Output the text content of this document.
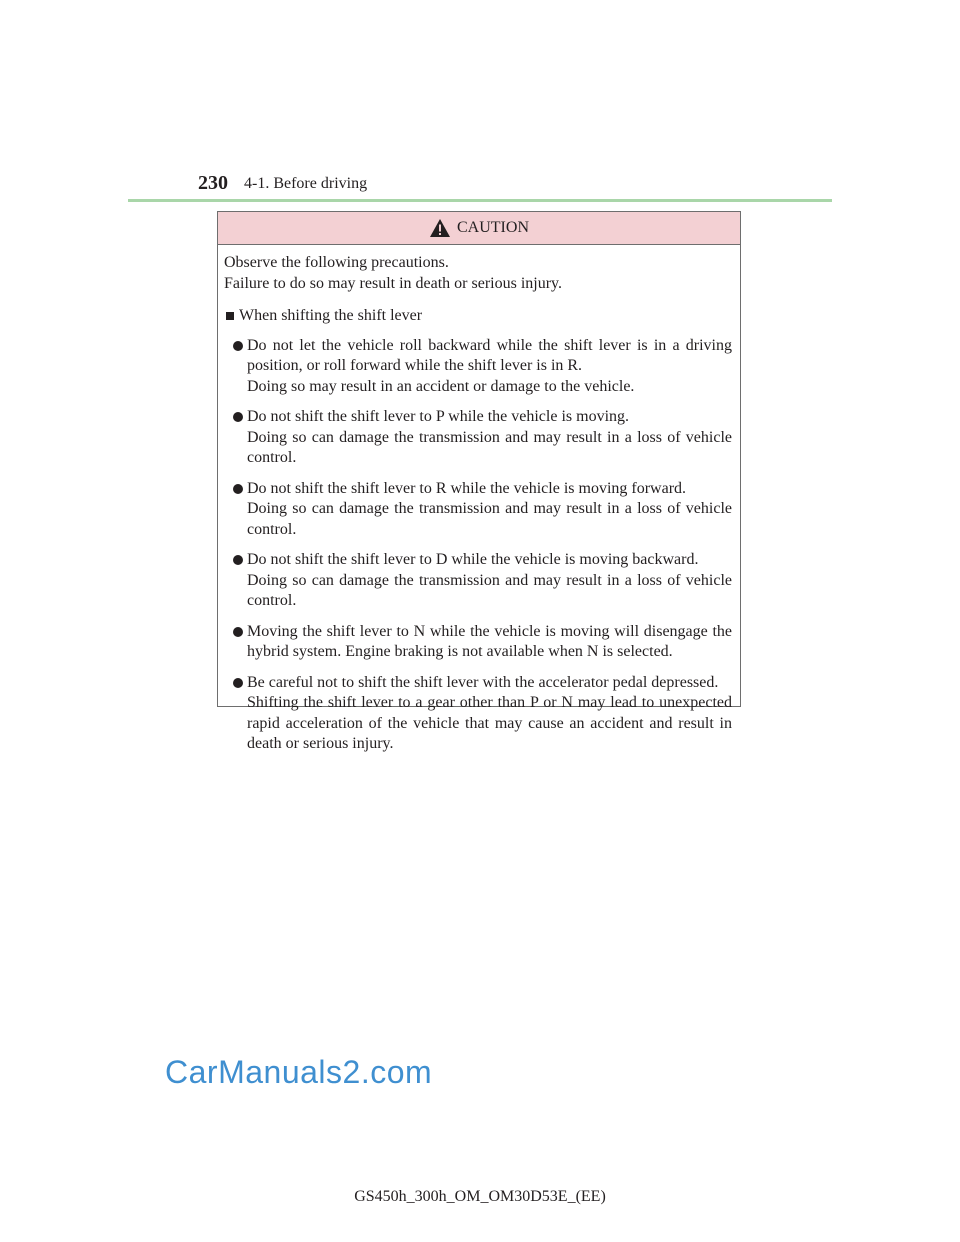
230 4-1. Before driving
CAUTION

Observe the following precautions.

Failure to do so may result in death or serious injury.

When shifting the shift lever
Do not let the vehicle roll backward while the shift lever is in a driving position, or roll forward while the shift lever is in R.
Doing so may result in an accident or damage to the vehicle.
Do not shift the shift lever to P while the vehicle is moving.
Doing so can damage the transmission and may result in a loss of vehicle control.
Do not shift the shift lever to R while the vehicle is moving forward.
Doing so can damage the transmission and may result in a loss of vehicle control.
Do not shift the shift lever to D while the vehicle is moving backward.
Doing so can damage the transmission and may result in a loss of vehicle control.
Moving the shift lever to N while the vehicle is moving will disengage the hybrid system. Engine braking is not available when N is selected.
Be careful not to shift the shift lever with the accelerator pedal depressed.
Shifting the shift lever to a gear other than P or N may lead to unexpected rapid acceleration of the vehicle that may cause an accident and result in death or serious injury.
CarManuals2.com
GS450h_300h_OM_OM30D53E_(EE)
